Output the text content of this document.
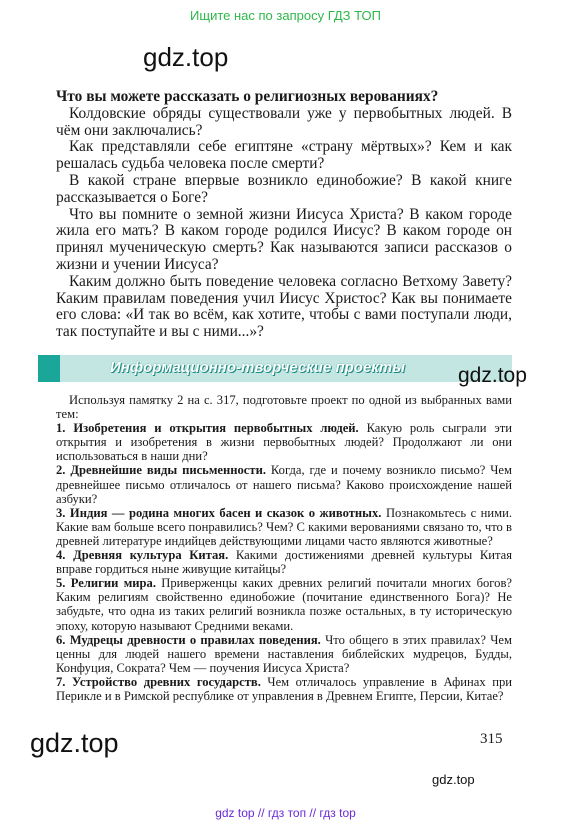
Ищите нас по запросу ГДЗ ТОП
gdz.top

Что вы можете рассказать о религиозных верованиях?

Колдовские обряды существовали уже у первобытных людей. В чём они заключались?

Как представляли себе египтяне «страну мёртвых»? Кем и как решалась судьба человека после смерти?

В какой стране впервые возникло единобожие? В какой книге рассказывается о Боге?

Что вы помните о земной жизни Иисуса Христа? В каком городе жила его мать? В каком городе родился Иисус? В каком городе он принял мученическую смерть? Как называются записи рассказов о жизни и учении Иисуса?

Каким должно быть поведение человека согласно Ветхому Завету? Каким правилам поведения учил Иисус Христос? Как вы понимаете его слова: «И так во всём, как хотите, чтобы с вами поступали люди, так поступайте и вы с ними...»?

Информационно-творческие проекты	gdz.top

Используя памятку 2 на с. 317, подготовьте проект по одной из выбранных вами тем:

1. Изобретения и открытия первобытных людей. Какую роль сыграли эти открытия и изобретения в жизни первобытных людей? Продолжают ли они использоваться в наши дни?

2. Древнейшие виды письменности. Когда, где и почему возникло письмо? Чем древнейшее письмо отличалось от нашего письма? Каково происхождение нашей азбуки?

3. Индия — родина многих басен и сказок о животных. Познакомьтесь с ними. Какие вам больше всего понравились? Чем? С какими верованиями связано то, что в древней литературе индийцев действующими лицами часто являются животные?

4. Древняя культура Китая. Какими достижениями древней культуры Китая вправе гордиться ныне живущие китайцы?

5. Религии мира. Приверженцы каких древних религий почитали многих богов? Каким религиям свойственно единобожие (почитание единственного Бога)? Не забудьте, что одна из таких религий возникла позже остальных, в ту историческую эпоху, которую называют Средними веками.

6. Мудрецы древности о правилах поведения. Что общего в этих правилах? Чем ценны для людей нашего времени наставления библейских мудрецов, Будды, Конфуция, Сократа? Чем — поучения Иисуса Христа?

7. Устройство древних государств. Чем отличалось управление в Афинах при Перикле и в Римской республике от управления в Древнем Египте, Персии, Китае?

gdz.top	315
gdz.top
gdz top // гдз топ // гдз top
